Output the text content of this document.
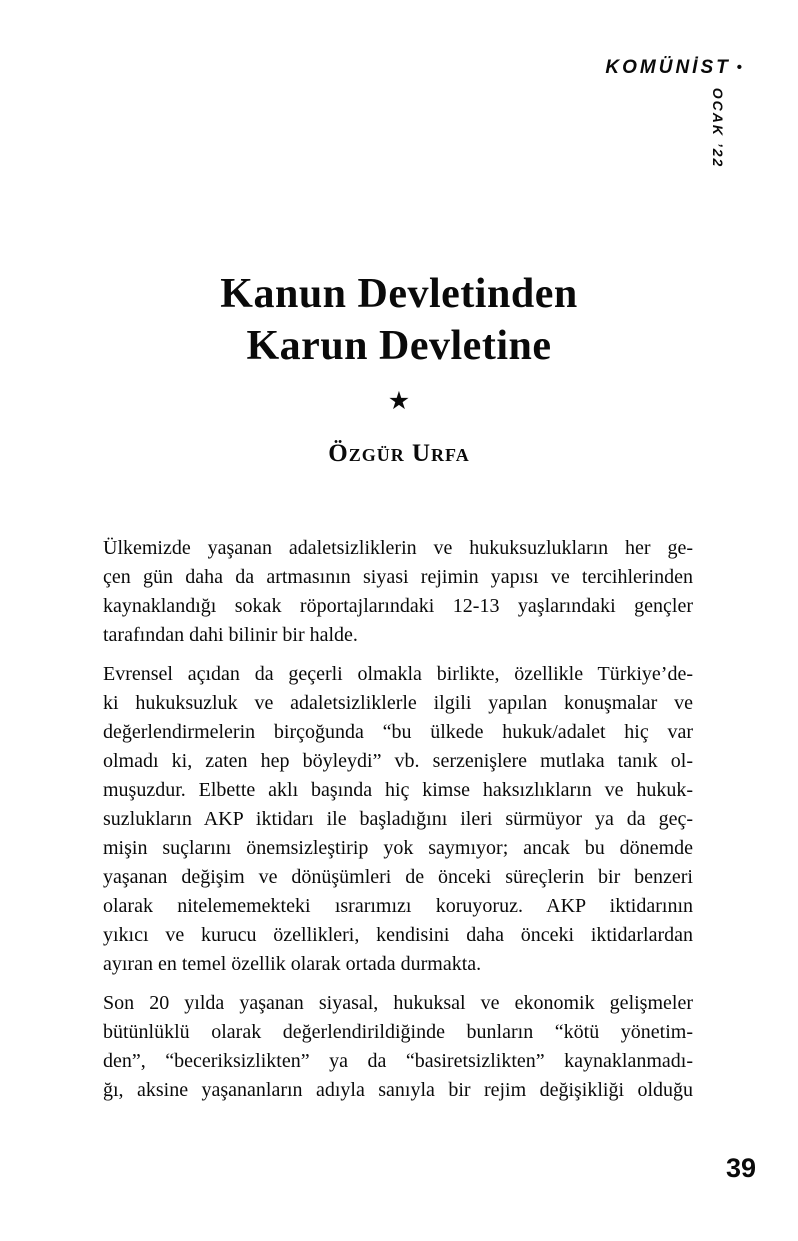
KOMÜNİST •
OCAK ’22
Kanun Devletinden
Karun Devletine
★
Özgür Urfa
Ülkemizde yaşanan adaletsizliklerin ve hukuksuzlukların her ge-
çen gün daha da artmasının siyasi rejimin yapısı ve tercihlerinden
kaynaklandığı sokak röportajlarındaki 12-13 yaşlarındaki gençler
tarafından dahi bilinir bir halde.
Evrensel açıdan da geçerli olmakla birlikte, özellikle Türkiye’de-
ki hukuksuzluk ve adaletsizliklerle ilgili yapılan konuşmalar ve
değerlendirmelerin birçoğunda “bu ülkede hukuk/adalet hiç var
olmadı ki, zaten hep böyleydi” vb. serzenişlere mutlaka tanık ol-
muşuzdur. Elbette aklı başında hiç kimse haksızlıkların ve hukuk-
suzlukların AKP iktidarı ile başladığını ileri sürmüyor ya da geç-
mişin suçlarını önemsizleştirip yok saymıyor; ancak bu dönemde
yaşanan değişim ve dönüşümleri de önceki süreçlerin bir benzeri
olarak nitelememekteki ısrarımızı koruyoruz. AKP iktidarının
yıkıcı ve kurucu özellikleri, kendisini daha önceki iktidarlardan
ayıran en temel özellik olarak ortada durmakta.
Son 20 yılda yaşanan siyasal, hukuksal ve ekonomik gelişmeler
bütünlüklü olarak değerlendirildiğinde bunların “kötü yönetim-
den”, “beceriksizlikten” ya da “basiretsizlikten” kaynaklanmadı-
ğı, aksine yaşananların adıyla sanıyla bir rejim değişikliği olduğu
39
